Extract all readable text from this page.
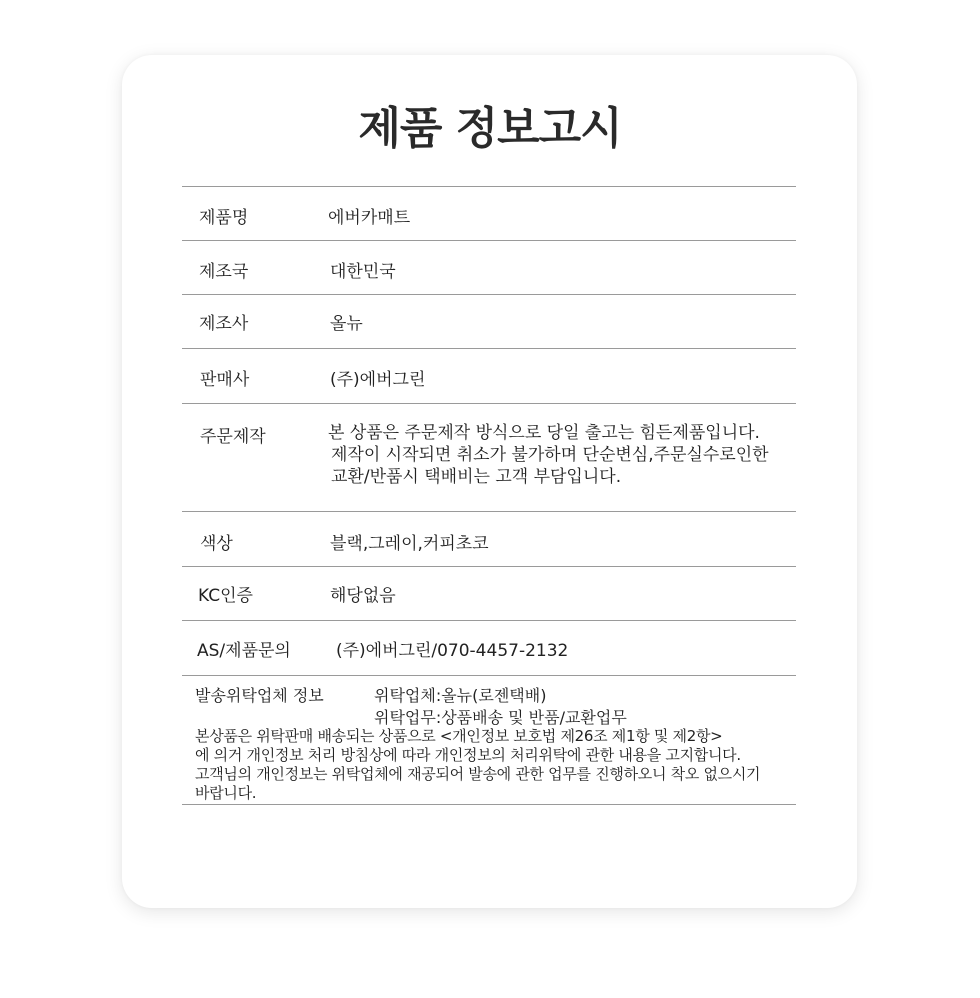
제품 정보고시
제품명	에버카매트
제조국	대한민국
제조사	올뉴
판매사	(주)에버그린
주문제작	본 상품은 주문제작 방식으로 당일 출고는 힘든제품입니다.
제작이 시작되면 취소가 불가하며 단순변심,주문실수로인한
교환/반품시 택배비는 고객 부담입니다.
색상	블랙,그레이,커피초코
KC인증	해당없음
AS/제품문의	(주)에버그린/070-4457-2132
발송위탁업체 정보	위탁업체:올뉴(로젠택배)
위탁업무:상품배송 및 반품/교환업무
본상품은 위탁판매 배송되는 상품으로 <개인정보 보호법 제26조 제1항 및 제2항>
에 의거 개인정보 처리 방침상에 따라 개인정보의 처리위탁에 관한 내용을 고지합니다.
고객님의 개인정보는 위탁업체에 재공되어 발송에 관한 업무를 진행하오니 착오 없으시기
바랍니다.
